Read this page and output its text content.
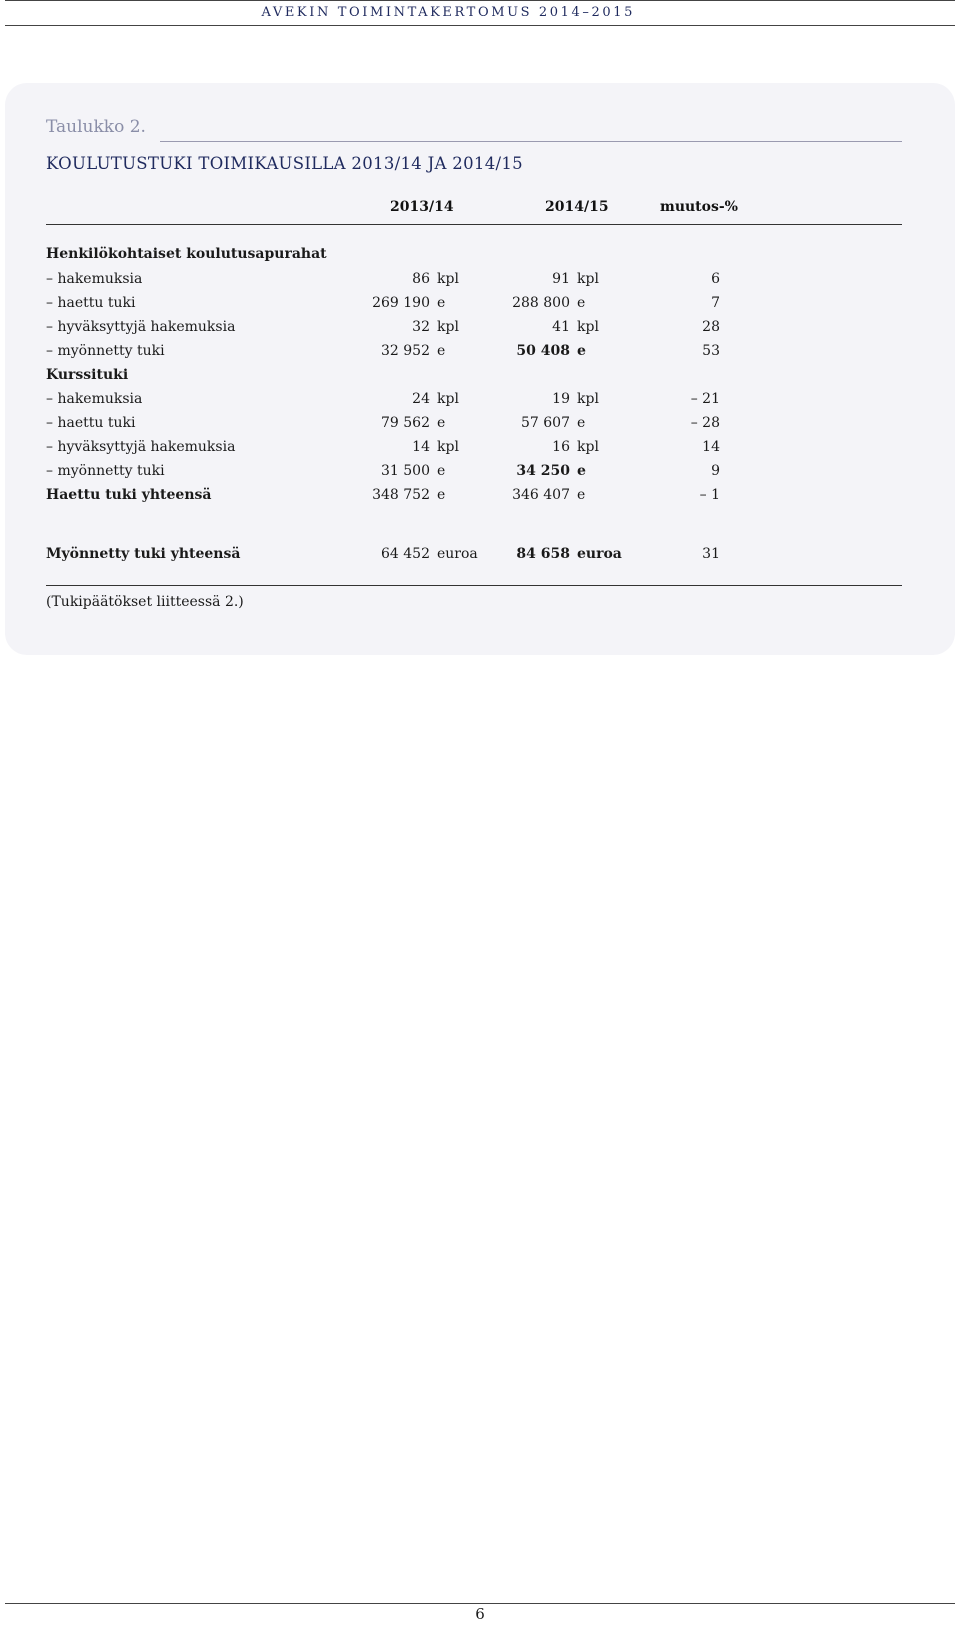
AVEKIN TOIMINTAKERTOMUS 2014–2015
Taulukko 2.
KOULUTUSTUKI TOIMIKAUSILLA 2013/14 JA 2014/15
2013/14	2014/15	muutos-%
Henkilökohtaiset koulutusapurahat
– hakemuksia	86 kpl	91 kpl	6
– haettu tuki	269 190 e	288 800 e	7
– hyväksyttyjä hakemuksia	32 kpl	41 kpl	28
– myönnetty tuki	32 952 e	50 408 e	53
Kurssituki
– hakemuksia	24 kpl	19 kpl	– 21
– haettu tuki	79 562 e	57 607 e	– 28
– hyväksyttyjä hakemuksia	14 kpl	16 kpl	14
– myönnetty tuki	31 500 e	34 250 e	9
Haettu tuki yhteensä	348 752 e	346 407 e	– 1
Myönnetty tuki yhteensä	64 452 euroa	84 658 euroa	31
(Tukipäätökset liitteessä 2.)
6
